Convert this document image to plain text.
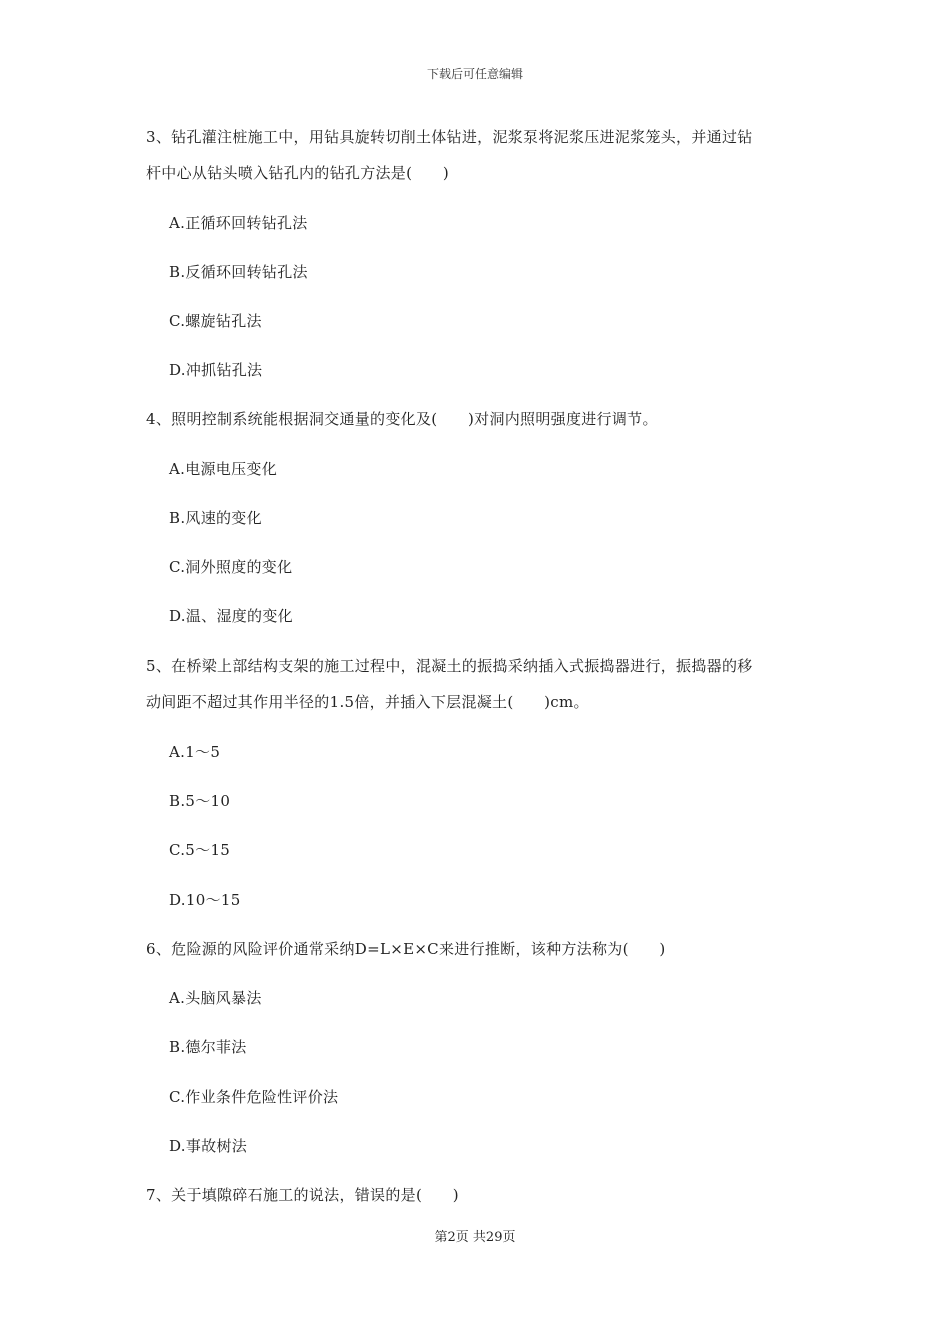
下载后可任意编辑
3、钻孔灌注桩施工中，用钻具旋转切削土体钻进，泥浆泵将泥浆压进泥浆笼头，并通过钻
杆中心从钻头喷入钻孔内的钻孔方法是(　　)
A.正循环回转钻孔法
B.反循环回转钻孔法
C.螺旋钻孔法
D.冲抓钻孔法
4、照明控制系统能根据洞交通量的变化及(　　)对洞内照明强度进行调节。
A.电源电压变化
B.风速的变化
C.洞外照度的变化
D.温、湿度的变化
5、在桥梁上部结构支架的施工过程中，混凝土的振捣采纳插入式振捣器进行，振捣器的移
动间距不超过其作用半径的1.5倍，并插入下层混凝土(　　)cm。
A.1～5
B.5～10
C.5～15
D.10～15
6、危险源的风险评价通常采纳D=L×E×C来进行推断，该种方法称为(　　)
A.头脑风暴法
B.德尔菲法
C.作业条件危险性评价法
D.事故树法
7、关于填隙碎石施工的说法，错误的是(　　)
第2页 共29页
